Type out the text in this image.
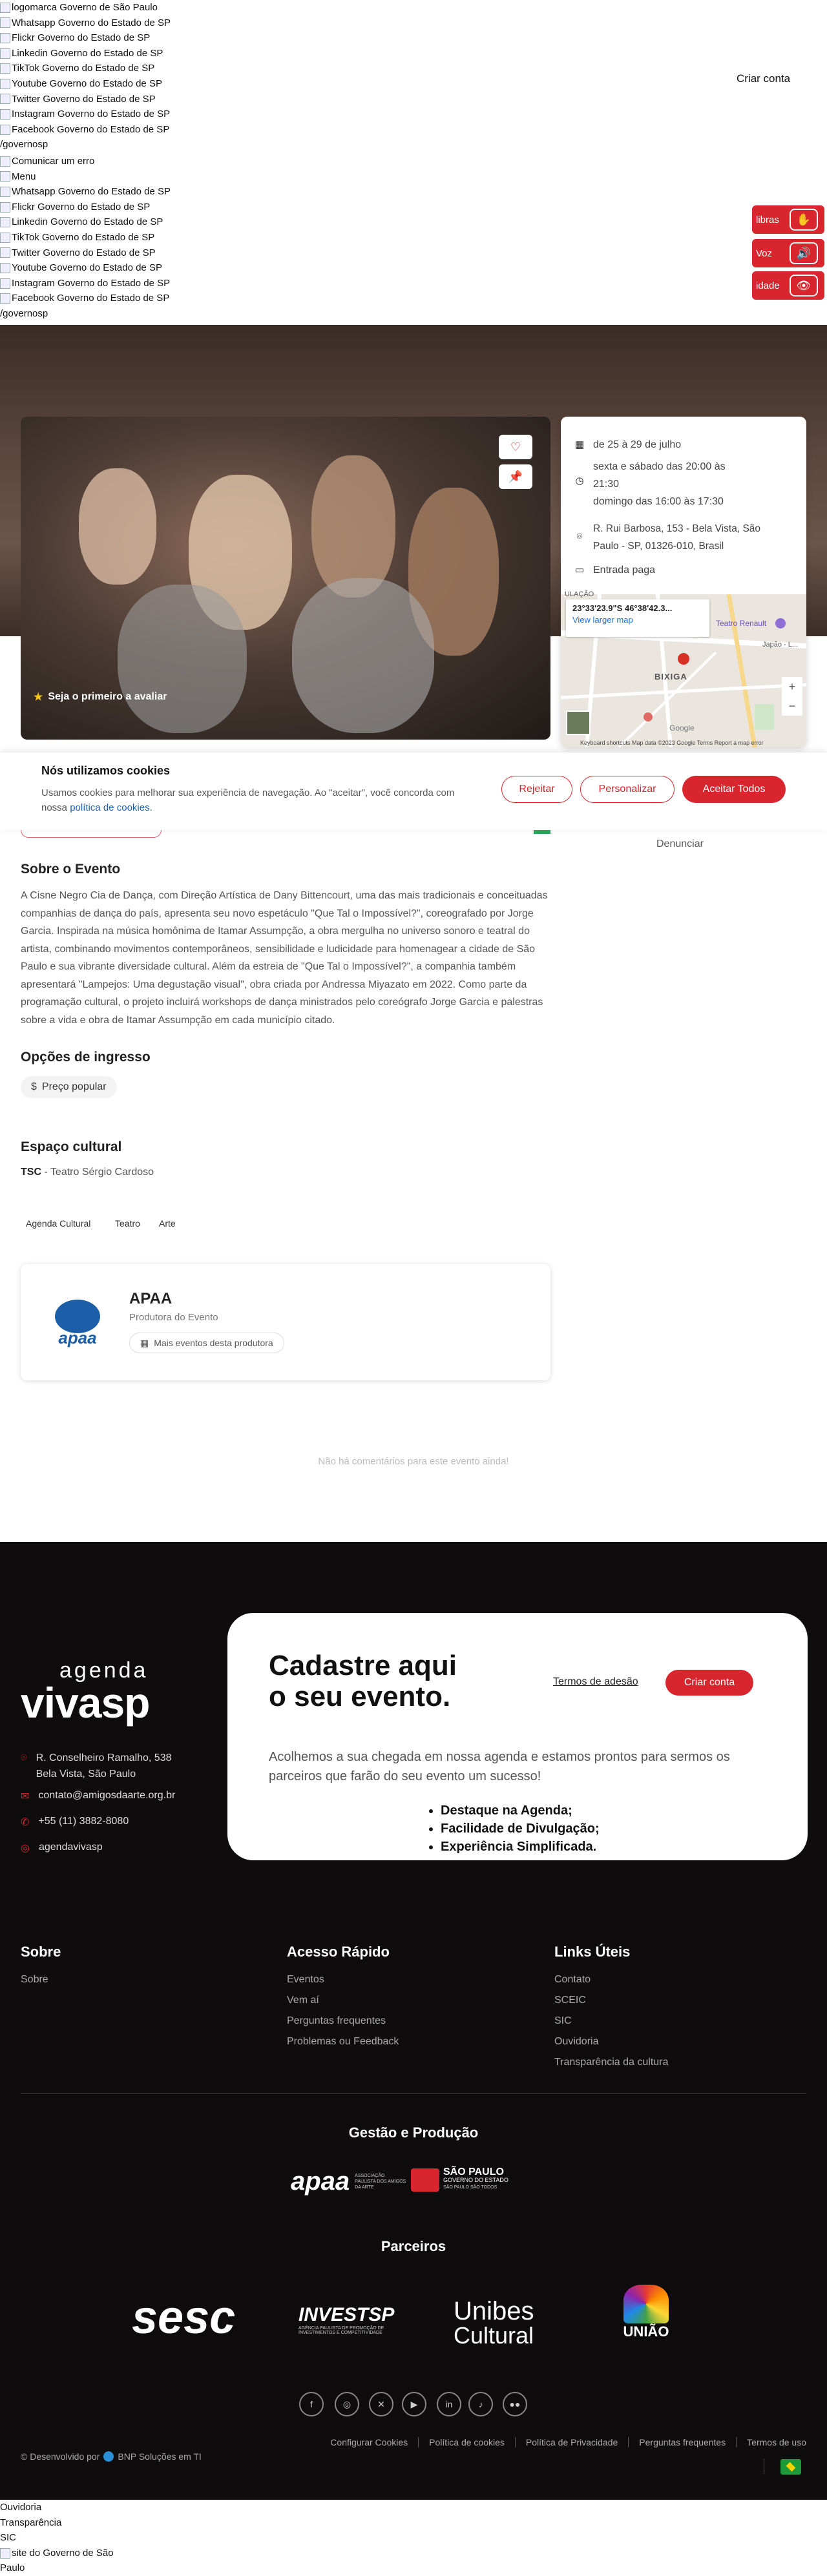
logomarca Governo de São Paulo
Whatsapp Governo do Estado de SP
Flickr Governo do Estado de SP
Linkedin Governo do Estado de SP
TikTok Governo do Estado de SP
Youtube Governo do Estado de SP
Twitter Governo do Estado de SP
Instagram Governo do Estado de SP
Facebook Governo do Estado de SP
/governosp
Comunicar um erro
Menu
Whatsapp Governo do Estado de SP
Flickr Governo do Estado de SP
Linkedin Governo do Estado de SP
TikTok Governo do Estado de SP
Twitter Governo do Estado de SP
Youtube Governo do Estado de SP
Instagram Governo do Estado de SP
Facebook Governo do Estado de SP
/governosp
Criar conta
libras	✋
Voz	🔊
idade	👁
♡
📌
★ Seja o primeiro a avaliar
▦ de 25 à 29 de julho
◷
sexta e sábado das 20:00 às 21:30
domingo das 16:00 às 17:30
⌾
R. Rui Barbosa, 153 - Bela Vista, São Paulo - SP, 01326-010, Brasil
▭ Entrada paga
23°33'23.9"S 46°38'42.3...
View larger map
ULAÇÃO
Teatro Renault
Japão - L...
BIXIGA
Google
+
−
Keyboard shortcuts Map data ©2023 Google Terms Report a map error
Nós utilizamos cookies

Usamos cookies para melhorar sua experiência de navegação. Ao "aceitar", você concorda com nossa política de cookies.

Rejeitar	Personalizar	Aceitar Todos
Denunciar
Sobre o Evento
A Cisne Negro Cia de Dança, com Direção Artística de Dany Bittencourt, uma das mais tradicionais e conceituadas companhias de dança do país, apresenta seu novo espetáculo "Que Tal o Impossível?", coreografado por Jorge Garcia. Inspirada na música homônima de Itamar Assumpção, a obra mergulha no universo sonoro e teatral do artista, combinando movimentos contemporâneos, sensibilidade e ludicidade para homenagear a cidade de São Paulo e sua vibrante diversidade cultural. Além da estreia de "Que Tal o Impossível?", a companhia também apresentará "Lampejos: Uma degustação visual", obra criada por Andressa Miyazato em 2022. Como parte da programação cultural, o projeto incluirá workshops de dança ministrados pelo coreógrafo Jorge Garcia e palestras sobre a vida e obra de Itamar Assumpção em cada município citado.
Opções de ingresso
$ Preço popular
Espaço cultural
TSC - Teatro Sérgio Cardoso
Agenda Cultural	Teatro	Arte
apaa
APAA
Produtora do Evento
▦ Mais eventos desta produtora
Não há comentários para este evento ainda!
agenda
vivasp
⌾ R. Conselheiro Ramalho, 538
Bela Vista, São Paulo
✉ contato@amigosdaarte.org.br
✆ +55 (11) 3882-8080
◎ agendavivasp
Cadastre aqui
o seu evento.	Termos de adesão	Criar conta
Acolhemos a sua chegada em nossa agenda e estamos prontos para sermos os parceiros que farão do seu evento um sucesso!
• Destaque na Agenda;
• Facilidade de Divulgação;
• Experiência Simplificada.
Sobre
Sobre
Acesso Rápido
Eventos
Vem aí
Perguntas frequentes
Problemas ou Feedback
Links Úteis
Contato
SCEIC
SIC
Ouvidoria
Transparência da cultura
Gestão e Produção
apaa ASSOCIAÇÃO PAULISTA DOS AMIGOS DA ARTE
SÃO PAULO
GOVERNO DO ESTADO
SÃO PAULO SÃO TODOS
Parceiros
sesc	INVESTSP
AGÊNCIA PAULISTA DE PROMOÇÃO DE INVESTIMENTOS E COMPETITIVIDADE
Unibes
Cultural	UNIÃO
f	◎	✕	▶	in	♪	●●
© Desenvolvido por BNP Soluções em TI
Configurar Cookies	Política de cookies	Política de Privacidade	Perguntas frequentes	Termos de uso
Ouvidoria
Transparência
SIC
site do Governo de São
Paulo
